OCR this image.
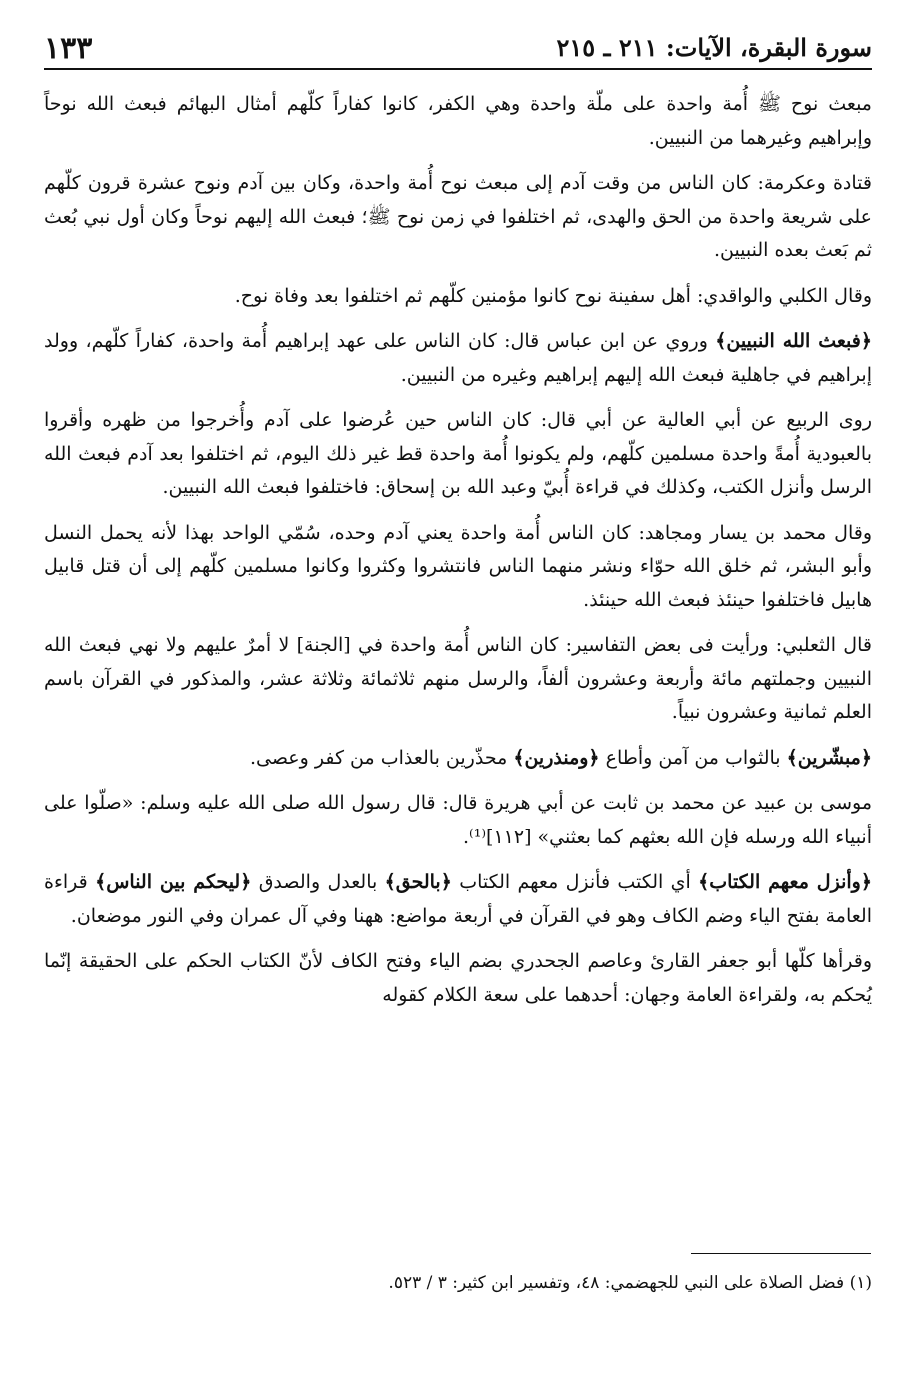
سورة البقرة، الآيات: ٢١١ ـ ٢١٥
١٣٣

مبعث نوح ﷺ أُمة واحدة على ملّة واحدة وهي الكفر، كانوا كفاراً كلّهم أمثال البهائم فبعث الله نوحاً وإبراهيم وغيرهما من النبيين.

قتادة وعكرمة: كان الناس من وقت آدم إلى مبعث نوح أُمة واحدة، وكان بين آدم ونوح عشرة قرون كلّهم على شريعة واحدة من الحق والهدى، ثم اختلفوا في زمن نوح ﷺ؛ فبعث الله إليهم نوحاً وكان أول نبي بُعث ثم بَعث بعده النبيين.

وقال الكلبي والواقدي: أهل سفينة نوح كانوا مؤمنين كلّهم ثم اختلفوا بعد وفاة نوح.

﴿فبعث الله النبيين﴾ وروي عن ابن عباس قال: كان الناس على عهد إبراهيم أُمة واحدة، كفاراً كلّهم، وولد إبراهيم في جاهلية فبعث الله إليهم إبراهيم وغيره من النبيين.

روى الربيع عن أبي العالية عن أبي قال: كان الناس حين عُرضوا على آدم وأُخرجوا من ظهره وأقروا بالعبودية أُمةً واحدة مسلمين كلّهم، ولم يكونوا أُمة واحدة قط غير ذلك اليوم، ثم اختلفوا بعد آدم فبعث الله الرسل وأنزل الكتب، وكذلك في قراءة أُبيّ وعبد الله بن إسحاق: فاختلفوا فبعث الله النبيين.

وقال محمد بن يسار ومجاهد: كان الناس أُمة واحدة يعني آدم وحده، سُمّي الواحد بهذا لأنه يحمل النسل وأبو البشر، ثم خلق الله حوّاء ونشر منهما الناس فانتشروا وكثروا وكانوا مسلمين كلّهم إلى أن قتل قابيل هابيل فاختلفوا حينئذ فبعث الله حينئذ.

قال الثعلبي: ورأيت فى بعض التفاسير: كان الناس أُمة واحدة في [الجنة] لا أمرٌ عليهم ولا نهي فبعث الله النبيين وجملتهم مائة وأربعة وعشرون ألفاً، والرسل منهم ثلاثمائة وثلاثة عشر، والمذكور في القرآن باسم العلم ثمانية وعشرون نبياً.

﴿مبشّرين﴾ بالثواب من آمن وأطاع ﴿ومنذرين﴾ محذّرين بالعذاب من كفر وعصى.

موسى بن عبيد عن محمد بن ثابت عن أبي هريرة قال: قال رسول الله صلى الله عليه وسلم: «صلّوا على أنبياء الله ورسله فإن الله بعثهم كما بعثني» [١١٢]⁽¹⁾.

﴿وأنزل معهم الكتاب﴾ أي الكتب فأنزل معهم الكتاب ﴿بالحق﴾ بالعدل والصدق ﴿ليحكم بين الناس﴾ قراءة العامة بفتح الياء وضم الكاف وهو في القرآن في أربعة مواضع: ههنا وفي آل عمران وفي النور موضعان.

وقرأها كلّها أبو جعفر القارئ وعاصم الجحدري بضم الياء وفتح الكاف لأنّ الكتاب الحكم على الحقيقة إنّما يُحكم به، ولقراءة العامة وجهان: أحدهما على سعة الكلام كقوله

(١) فضل الصلاة على النبي للجهضمي: ٤٨، وتفسير ابن كثير: ٣ / ٥٢٣.
